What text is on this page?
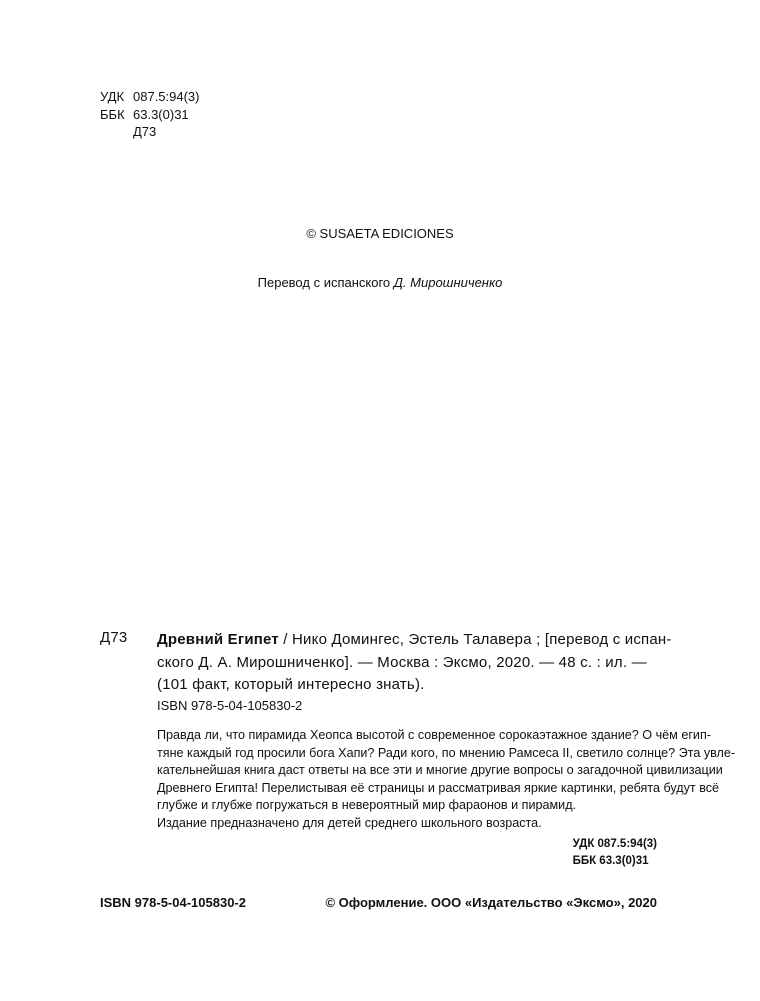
УДК 087.5:94(3)
ББК 63.3(0)31
Д73
© SUSAETA EDICIONES
Перевод с испанского Д. Мирошниченко
Д73 Древний Египет / Нико Домингес, Эстель Талавера ; [перевод с испан-
ского Д. А. Мирошниченко]. — Москва : Эксмо, 2020. — 48 с. : ил. —
(101 факт, который интересно знать).
ISBN 978-5-04-105830-2
Правда ли, что пирамида Хеопса высотой с современное сорокаэтажное здание? О чём егип-
тяне каждый год просили бога Хапи? Ради кого, по мнению Рамсеса II, светило солнце? Эта увле-
кательнейшая книга даст ответы на все эти и многие другие вопросы о загадочной цивилизации
Древнего Египта! Перелистывая её страницы и рассматривая яркие картинки, ребята будут всё
глубже и глубже погружаться в невероятный мир фараонов и пирамид.
Издание предназначено для детей среднего школьного возраста.
УДК 087.5:94(3)
ББК 63.3(0)31
ISBN 978-5-04-105830-2	© Оформление. ООО «Издательство «Эксмо», 2020
